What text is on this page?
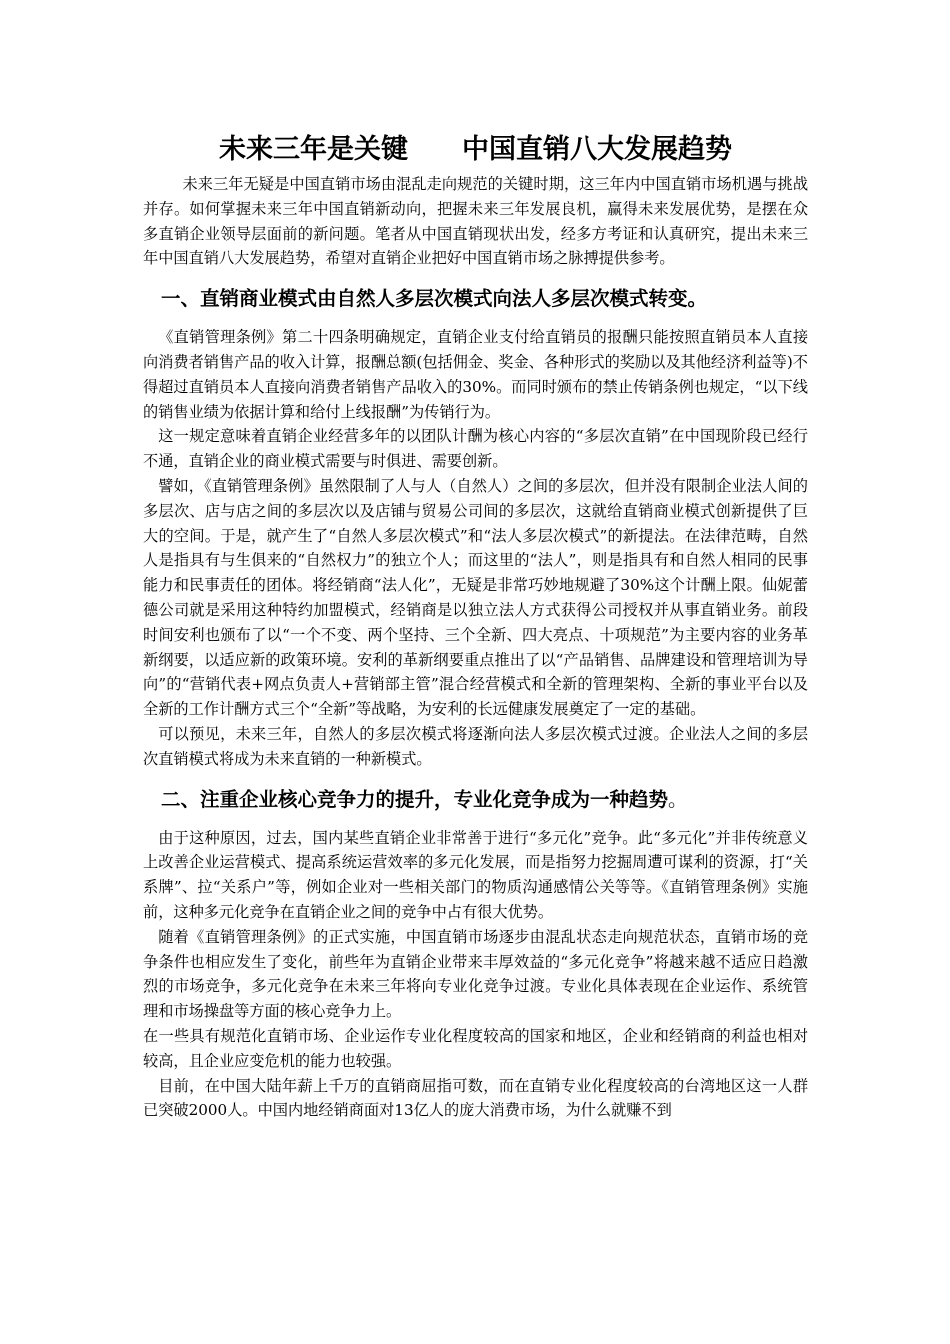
未来三年是关键　　中国直销八大发展趋势

未来三年无疑是中国直销市场由混乱走向规范的关键时期，这三年内中国直销市场机遇与挑战并存。如何掌握未来三年中国直销新动向，把握未来三年发展良机，赢得未来发展优势，是摆在众多直销企业领导层面前的新问题。笔者从中国直销现状出发，经多方考证和认真研究，提出未来三年中国直销八大发展趋势，希望对直销企业把好中国直销市场之脉搏提供参考。

一、直销商业模式由自然人多层次模式向法人多层次模式转变。

《直销管理条例》第二十四条明确规定，直销企业支付给直销员的报酬只能按照直销员本人直接向消费者销售产品的收入计算，报酬总额(包括佣金、奖金、各种形式的奖励以及其他经济利益等)不得超过直销员本人直接向消费者销售产品收入的30%。而同时颁布的禁止传销条例也规定，“以下线的销售业绩为依据计算和给付上线报酬”为传销行为。

这一规定意味着直销企业经营多年的以团队计酬为核心内容的“多层次直销”在中国现阶段已经行不通，直销企业的商业模式需要与时俱进、需要创新。

譬如，《直销管理条例》虽然限制了人与人（自然人）之间的多层次，但并没有限制企业法人间的多层次、店与店之间的多层次以及店铺与贸易公司间的多层次，这就给直销商业模式创新提供了巨大的空间。于是，就产生了“自然人多层次模式”和“法人多层次模式”的新提法。在法律范畴，自然人是指具有与生俱来的“自然权力”的独立个人；而这里的“法人”，则是指具有和自然人相同的民事能力和民事责任的团体。将经销商“法人化”，无疑是非常巧妙地规避了30%这个计酬上限。仙妮蕾德公司就是采用这种特约加盟模式，经销商是以独立法人方式获得公司授权并从事直销业务。前段时间安利也颁布了以“一个不变、两个坚持、三个全新、四大亮点、十项规范”为主要内容的业务革新纲要，以适应新的政策环境。安利的革新纲要重点推出了以“产品销售、品牌建设和管理培训为导向”的“营销代表+网点负责人+营销部主管”混合经营模式和全新的管理架构、全新的事业平台以及全新的工作计酬方式三个“全新”等战略，为安利的长远健康发展奠定了一定的基础。

可以预见，未来三年，自然人的多层次模式将逐渐向法人多层次模式过渡。企业法人之间的多层次直销模式将成为未来直销的一种新模式。

二、注重企业核心竞争力的提升，专业化竞争成为一种趋势。

由于这种原因，过去，国内某些直销企业非常善于进行“多元化”竞争。此“多元化”并非传统意义上改善企业运营模式、提高系统运营效率的多元化发展，而是指努力挖掘周遭可谋利的资源，打“关系牌”、拉“关系户”等，例如企业对一些相关部门的物质沟通感情公关等等。《直销管理条例》实施前，这种多元化竞争在直销企业之间的竞争中占有很大优势。

随着《直销管理条例》的正式实施，中国直销市场逐步由混乱状态走向规范状态，直销市场的竞争条件也相应发生了变化，前些年为直销企业带来丰厚效益的“多元化竞争”将越来越不适应日趋激烈的市场竞争，多元化竞争在未来三年将向专业化竞争过渡。专业化具体表现在企业运作、系统管理和市场操盘等方面的核心竞争力上。

在一些具有规范化直销市场、企业运作专业化程度较高的国家和地区，企业和经销商的利益也相对较高，且企业应变危机的能力也较强。

目前，在中国大陆年薪上千万的直销商屈指可数，而在直销专业化程度较高的台湾地区这一人群已突破2000人。中国内地经销商面对13亿人的庞大消费市场，为什么就赚不到
